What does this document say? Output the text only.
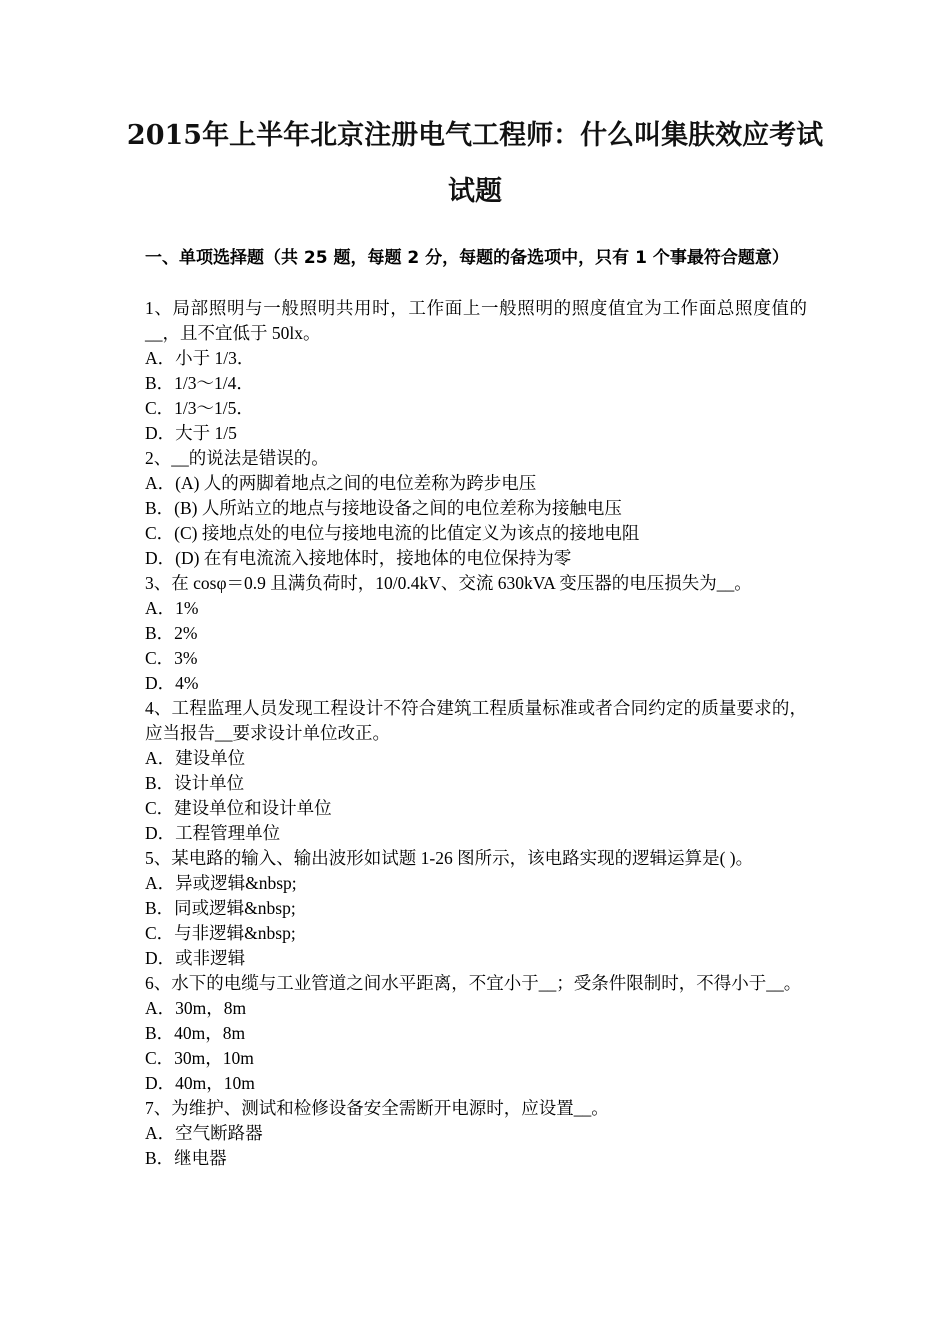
2015年上半年北京注册电气工程师：什么叫集肤效应考试
试题
一、单项选择题（共 25 题，每题 2 分，每题的备选项中，只有 1 个事最符合题意）

1、局部照明与一般照明共用时，工作面上一般照明的照度值宜为工作面总照度值的__，且不宜低于 50lx。

A．小于 1/3．

B．1/3～1/4．

C．1/3～1/5．

D．大于 1/5

2、__的说法是错误的。

A．(A) 人的两脚着地点之间的电位差称为跨步电压

B．(B) 人所站立的地点与接地设备之间的电位差称为接触电压

C．(C) 接地点处的电位与接地电流的比值定义为该点的接地电阻

D．(D) 在有电流流入接地体时，接地体的电位保持为零

3、在 cosφ＝0.9 且满负荷时，10/0.4kV、交流 630kVA 变压器的电压损失为__。

A．1%

B．2%

C．3%

D．4%

4、工程监理人员发现工程设计不符合建筑工程质量标准或者合同约定的质量要求的，应当报告__要求设计单位改正。

A．建设单位

B．设计单位

C．建设单位和设计单位

D．工程管理单位

5、某电路的输入、输出波形如试题 1-26 图所示，该电路实现的逻辑运算是( )。

A．异或逻辑&nbsp;

B．同或逻辑&nbsp;

C．与非逻辑&nbsp;

D．或非逻辑

6、水下的电缆与工业管道之间水平距离，不宜小于__；受条件限制时，不得小于__。

A．30m，8m

B．40m，8m

C．30m，10m

D．40m，10m

7、为维护、测试和检修设备安全需断开电源时，应设置__。

A．空气断路器

B．继电器
